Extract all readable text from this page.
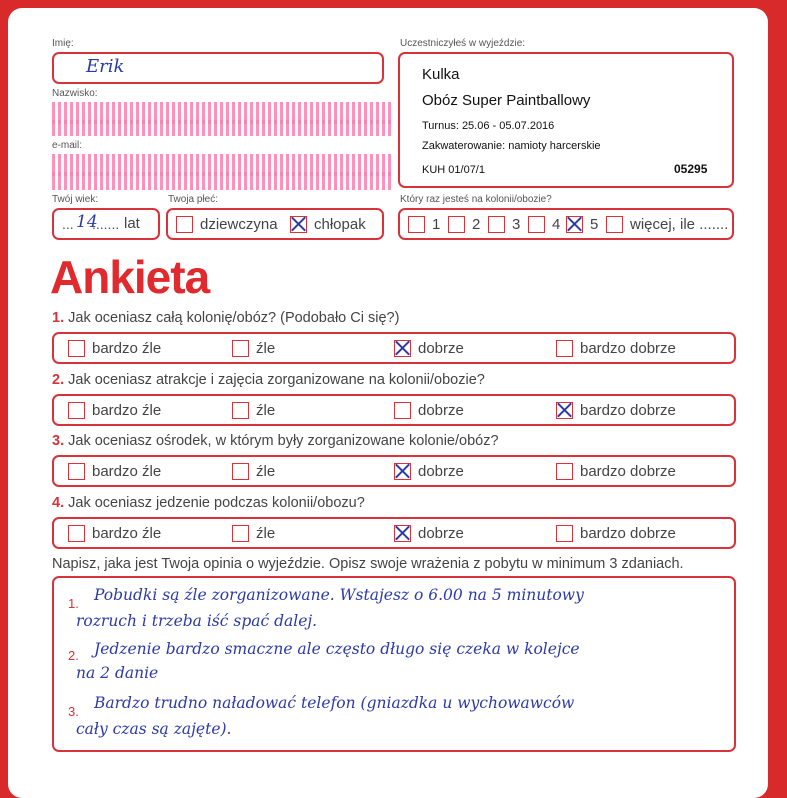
Imię:
Erik
Nazwisko:
e-mail:
Twój wiek:
... 14
....... lat
Twoja płeć:
dziewczyna	chłopak
Uczestniczyłeś w wyjeździe:
Kulka
Obóz Super Paintballowy
Turnus: 25.06 - 05.07.2016
Zakwaterowanie: namioty harcerskie
KUH 01/07/1	05295
Który raz jesteś na kolonii/obozie?
1	2	3	4	5	więcej, ile .......
Ankieta
1. Jak oceniasz całą kolonię/obóz? (Podobało Ci się?)
bardzo źle	źle	dobrze	bardzo dobrze
2. Jak oceniasz atrakcje i zajęcia zorganizowane na kolonii/obozie?
bardzo źle	źle	dobrze	bardzo dobrze
3. Jak oceniasz ośrodek, w którym były zorganizowane kolonie/obóz?
bardzo źle	źle	dobrze	bardzo dobrze
4. Jak oceniasz jedzenie podczas kolonii/obozu?
bardzo źle	źle	dobrze	bardzo dobrze
Napisz, jaka jest Twoja opinia o wyjeździe. Opisz swoje wrażenia z pobytu w minimum 3 zdaniach.
1. Pobudki są źle zorganizowane. Wstajesz o 6.00 na 5 minutowy
rozruch i trzeba iść spać dalej.
2. Jedzenie bardzo smaczne ale często długo się czeka w kolejce
na 2 danie
3. Bardzo trudno naładować telefon (gniazdka u wychowawców
cały czas są zajęte).
